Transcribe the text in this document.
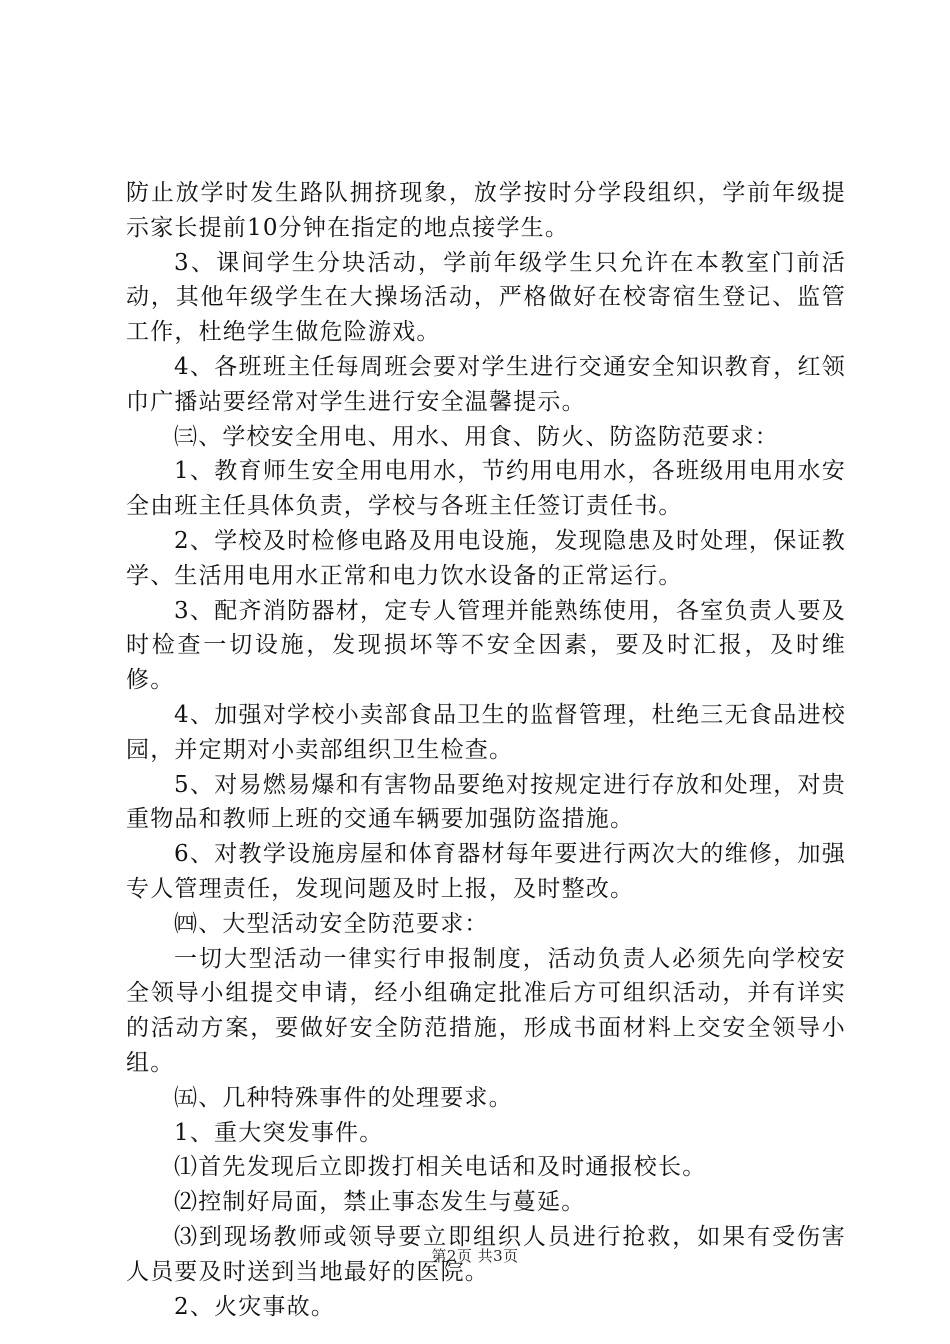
防止放学时发生路队拥挤现象，放学按时分学段组织，学前年级提示家长提前10分钟在指定的地点接学生。

3、课间学生分块活动，学前年级学生只允许在本教室门前活动，其他年级学生在大操场活动，严格做好在校寄宿生登记、监管工作，杜绝学生做危险游戏。

4、各班班主任每周班会要对学生进行交通安全知识教育，红领巾广播站要经常对学生进行安全温馨提示。

㈢、学校安全用电、用水、用食、防火、防盗防范要求：

1、教育师生安全用电用水，节约用电用水，各班级用电用水安全由班主任具体负责，学校与各班主任签订责任书。

2、学校及时检修电路及用电设施，发现隐患及时处理，保证教学、生活用电用水正常和电力饮水设备的正常运行。

3、配齐消防器材，定专人管理并能熟练使用，各室负责人要及时检查一切设施，发现损坏等不安全因素，要及时汇报，及时维修。

4、加强对学校小卖部食品卫生的监督管理，杜绝三无食品进校园，并定期对小卖部组织卫生检查。

5、对易燃易爆和有害物品要绝对按规定进行存放和处理，对贵重物品和教师上班的交通车辆要加强防盗措施。

6、对教学设施房屋和体育器材每年要进行两次大的维修，加强专人管理责任，发现问题及时上报，及时整改。

㈣、大型活动安全防范要求：

一切大型活动一律实行申报制度，活动负责人必须先向学校安全领导小组提交申请，经小组确定批准后方可组织活动，并有详实的活动方案，要做好安全防范措施，形成书面材料上交安全领导小组。

㈤、几种特殊事件的处理要求。

1、重大突发事件。

⑴首先发现后立即拨打相关电话和及时通报校长。

⑵控制好局面，禁止事态发生与蔓延。

⑶到现场教师或领导要立即组织人员进行抢救，如果有受伤害人员要及时送到当地最好的医院。

2、火灾事故。

第2页 共3页
